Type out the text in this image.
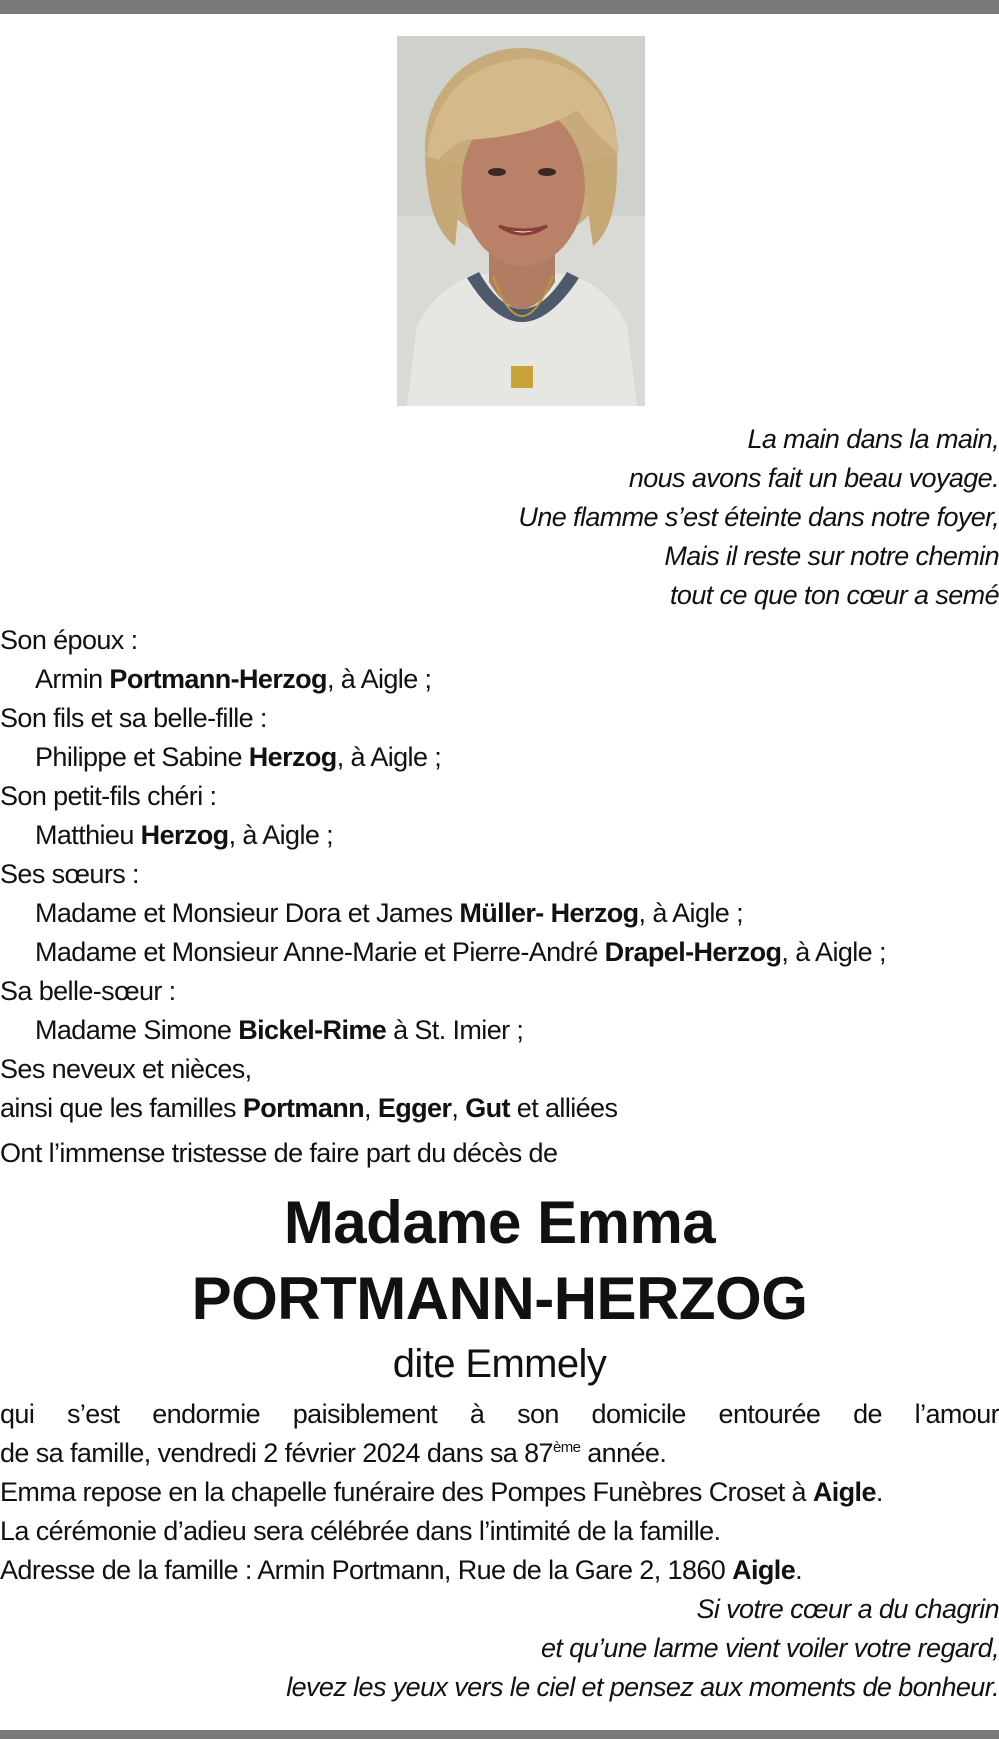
La main dans la main,
nous avons fait un beau voyage.
Une flamme s’est éteinte dans notre foyer,
Mais il reste sur notre chemin
tout ce que ton cœur a semé
Son époux :
Armin Portmann-Herzog, à Aigle ;
Son fils et sa belle-fille :
Philippe et Sabine Herzog, à Aigle ;
Son petit-fils chéri :
Matthieu Herzog, à Aigle ;
Ses sœurs :
Madame et Monsieur Dora et James Müller- Herzog, à Aigle ;
Madame et Monsieur Anne-Marie et Pierre-André Drapel-Herzog, à Aigle ;
Sa belle-sœur :
Madame Simone Bickel-Rime à St. Imier ;
Ses neveux et nièces,
ainsi que les familles Portmann, Egger, Gut et alliées
Ont l’immense tristesse de faire part du décès de
Madame Emma
PORTMANN-HERZOG
dite Emmely
qui s’est endormie paisiblement à son domicile entourée de l’amour
de sa famille, vendredi 2 février 2024 dans sa 87ème année.
Emma repose en la chapelle funéraire des Pompes Funèbres Croset à Aigle.
La cérémonie d’adieu sera célébrée dans l’intimité de la famille.
Adresse de la famille : Armin Portmann, Rue de la Gare 2, 1860 Aigle.
Si votre cœur a du chagrin
et qu’une larme vient voiler votre regard,
levez les yeux vers le ciel et pensez aux moments de bonheur.
